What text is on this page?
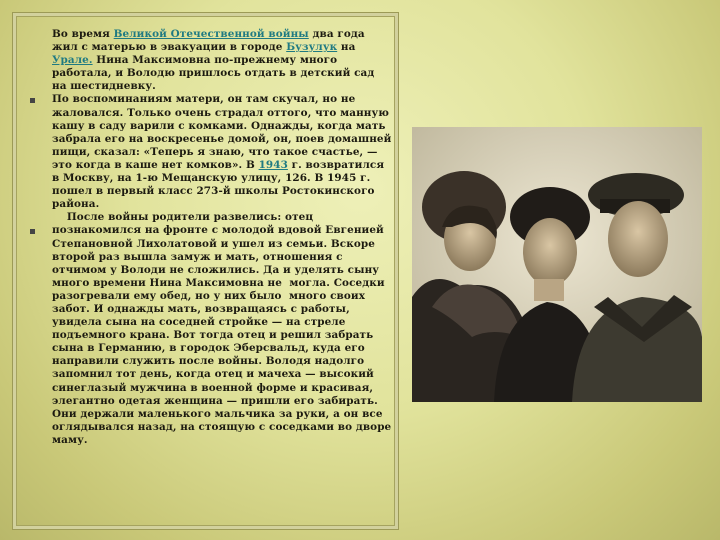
Во время Великой Отечественной войны два года жил с матерью в эвакуации в городе Бузулук на Урале. Нина Максимовна по-прежнему много работала, и Володю пришлось отдать в детский сад на шестидневку.

По воспоминаниям матери, он там скучал, но не жаловался. Только очень страдал оттого, что манную кашу в саду варили с комками. Однажды, когда мать забрала его на воскресенье домой, он, поев домашней пищи, сказал: «Теперь я знаю, что такое счастье, — это когда в каше нет комков». В 1943 г. возвратился в Москву, на 1-ю Мещанскую улицу, 126. В 1945 г. пошел в первый класс 273-й школы Ростокинского района.

После войны родители развелись: отец познакомился на фронте с молодой вдовой Евгенией Степановной Лихолатовой и ушел из семьи. Вскоре второй раз вышла замуж и мать, отношения с отчимом у Володи не сложились. Да и уделять сыну много времени Нина Максимовна не  могла. Соседки разогревали ему обед, но у них было  много своих забот. И однажды мать, возвращаясь с работы, увидела сына на соседней стройке — на стреле подъемного крана. Вот тогда отец и решил забрать сына в Германию, в городок Эберсвальд, куда его направили служить после войны. Володя надолго запомнил тот день, когда отец и мачеха — высокий синеглазый мужчина в военной форме и красивая, элегантно одетая женщина — пришли его забирать. Они держали маленького мальчика за руки, а он все оглядывался назад, на стоящую с соседками во дворе маму.
